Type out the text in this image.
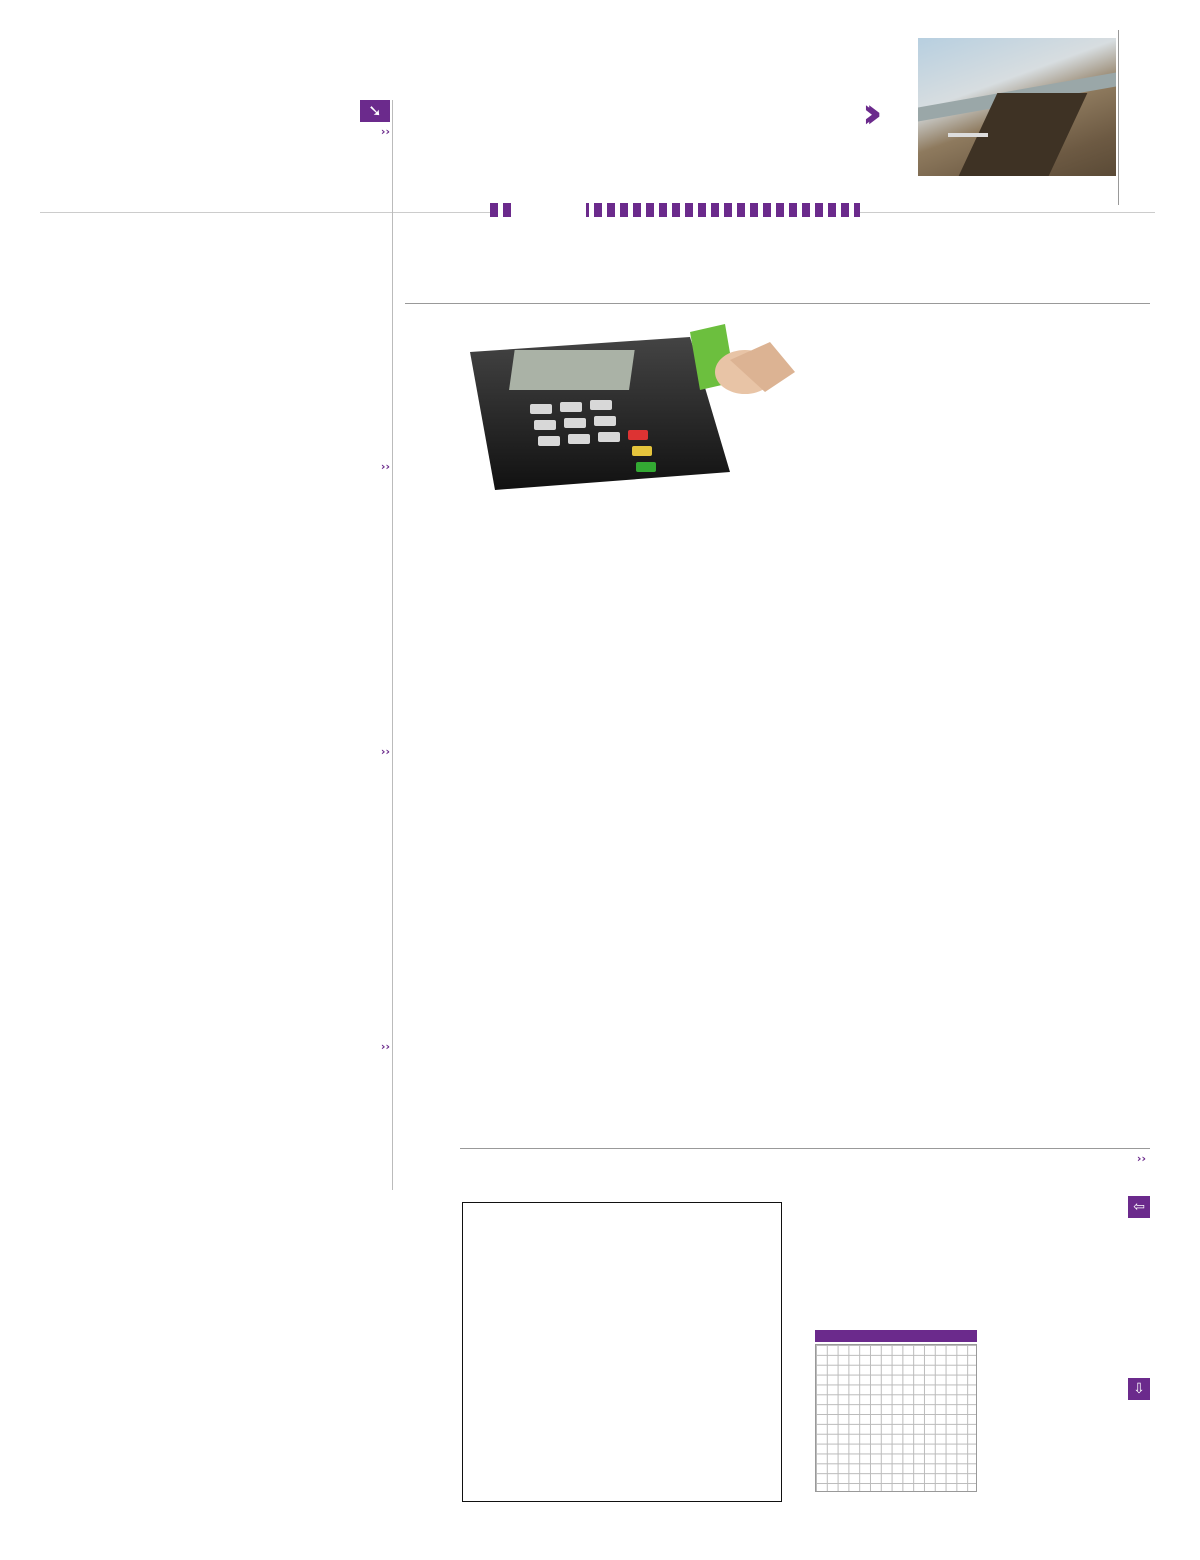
‹‹
➘
‹‹
‹‹
‹‹
‹‹
‹‹
⇦
⇩
